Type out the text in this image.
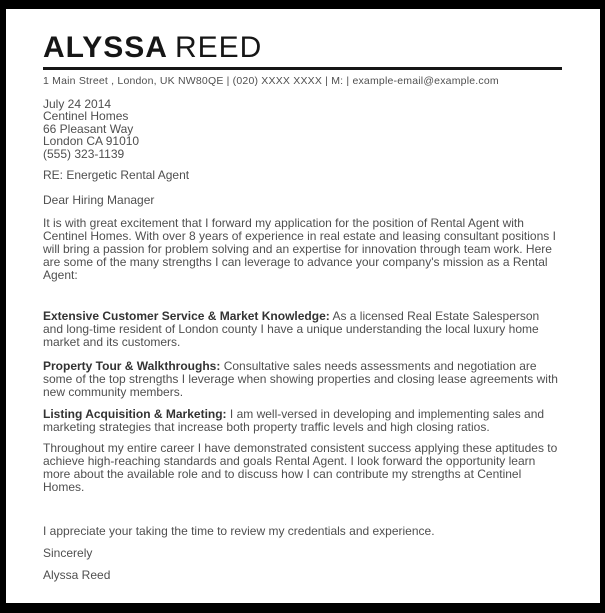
ALYSSA REED
1 Main Street , London, UK NW80QE | (020) XXXX XXXX | M: | example-email@example.com

July 24 2014
Centinel Homes
66 Pleasant Way
London CA 91010
(555) 323-1139

RE: Energetic Rental Agent

Dear Hiring Manager

It is with great excitement that I forward my application for the position of Rental Agent with Centinel Homes. With over 8 years of experience in real estate and leasing consultant positions I will bring a passion for problem solving and an expertise for innovation through team work. Here are some of the many strengths I can leverage to advance your company's mission as a Rental Agent:

Extensive Customer Service & Market Knowledge: As a licensed Real Estate Salesperson and long-time resident of London county I have a unique understanding the local luxury home market and its customers.

Property Tour & Walkthroughs: Consultative sales needs assessments and negotiation are some of the top strengths I leverage when showing properties and closing lease agreements with new community members.

Listing Acquisition & Marketing: I am well-versed in developing and implementing sales and marketing strategies that increase both property traffic levels and high closing ratios.

Throughout my entire career I have demonstrated consistent success applying these aptitudes to achieve high-reaching standards and goals Rental Agent. I look forward the opportunity learn more about the available role and to discuss how I can contribute my strengths at Centinel Homes.

I appreciate your taking the time to review my credentials and experience.

Sincerely

Alyssa Reed
